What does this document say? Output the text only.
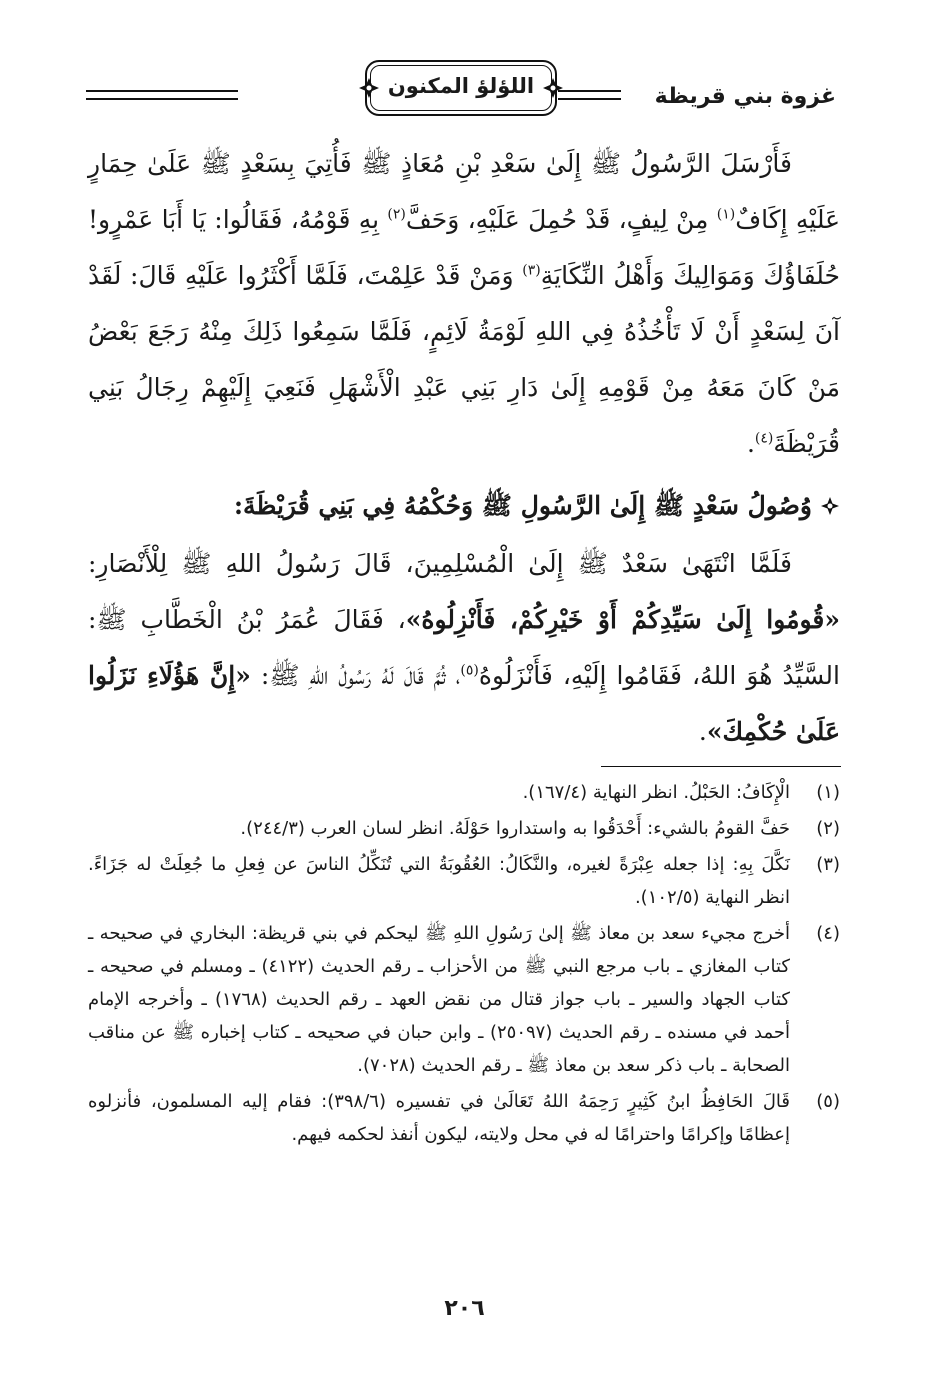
غزوة بني قريظة
اللؤلؤ المكنون

فَأَرْسَلَ الرَّسُولُ ﷺ إِلَىٰ سَعْدِ بْنِ مُعَاذٍ ﷺ فَأُتِيَ بِسَعْدٍ ﷺ عَلَىٰ حِمَارٍ عَلَيْهِ إِكَافٌ$^{(١)}$ مِنْ لِيفٍ، قَدْ حُمِلَ عَلَيْهِ، وَحَفَّ$^{(٢)}$ بِهِ قَوْمُهُ، فَقَالُوا: يَا أَبَا عَمْرٍو! حُلَفَاؤُكَ وَمَوَالِيكَ وَأَهْلُ النِّكَايَةِ$^{(٣)}$ وَمَنْ قَدْ عَلِمْتَ، فَلَمَّا أَكْثَرُوا عَلَيْهِ قَالَ: لَقَدْ آنَ لِسَعْدٍ أَنْ لَا تَأْخُذُهُ فِي اللهِ لَوْمَةُ لَائِمٍ، فَلَمَّا سَمِعُوا ذَلِكَ مِنْهُ رَجَعَ بَعْضُ مَنْ كَانَ مَعَهُ مِنْ قَوْمِهِ إِلَىٰ دَارِ بَنِي عَبْدِ الْأَشْهَلِ فَنَعِيَ إِلَيْهِمْ رِجَالُ بَنِي قُرَيْظَةَ$^{(٤)}$.

وُصُولُ سَعْدٍ ﷺ إِلَىٰ الرَّسُولِ ﷺ وَحُكْمُهُ فِي بَنِي قُرَيْظَةَ:

فَلَمَّا انْتَهَىٰ سَعْدٌ ﷺ إِلَىٰ الْمُسْلِمِينَ، قَالَ رَسُولُ اللهِ ﷺ لِلْأَنْصَارِ: «قُومُوا إِلَىٰ سَيِّدِكُمْ أَوْ خَيْرِكُمْ، فَأَنْزِلُوهُ»، فَقَالَ عُمَرُ بْنُ الْخَطَّابِ ﷺ: السَّيِّدُ هُوَ اللهُ، فَقَامُوا إِلَيْهِ، فَأَنْزَلُوهُ$^{(٥)}$، ثُمَّ قَالَ لَهُ رَسُولُ اللهِ ﷺ: «إِنَّ هَؤُلَاءِ نَزَلُوا عَلَىٰ حُكْمِكَ».

(١)
الْإِكَافُ: الحَبْلُ. انظر النهاية (١٦٧/٤).
(٢)
حَفَّ القومُ بالشيء: أَحْدَقُوا به واستداروا حَوْلَهُ. انظر لسان العرب (٢٤٤/٣).
(٣)
نَكَّلَ بِهِ: إذا جعله عِبْرَةً لغيره، والنَّكَالُ: العُقُوبَةُ التي تُنَكِّلُ الناسَ عن فِعلِ ما جُعِلَتْ له جَزَاءً. انظر النهاية (١٠٢/٥).
(٤)
أخرج مجيء سعد بن معاذ ﷺ إلىٰ رَسُولِ اللهِ ﷺ ليحكم في بني قريظة: البخاري في صحيحه ـ كتاب المغازي ـ باب مرجع النبي ﷺ من الأحزاب ـ رقم الحديث (٤١٢٢) ـ ومسلم في صحيحه ـ كتاب الجهاد والسير ـ باب جواز قتال من نقض العهد ـ رقم الحديث (١٧٦٨) ـ وأخرجه الإمام أحمد في مسنده ـ رقم الحديث (٢٥٠٩٧) ـ وابن حبان في صحيحه ـ كتاب إخباره ﷺ عن مناقب الصحابة ـ باب ذكر سعد بن معاذ ﷺ ـ رقم الحديث (٧٠٢٨).
(٥)
قَالَ الحَافِظُ ابنُ كَثِيرٍ رَحِمَهُ اللهُ تَعَالَىٰ في تفسيره (٣٩٨/٦): فقام إليه المسلمون، فأنزلوه إعظامًا وإكرامًا واحترامًا له في محل ولايته، ليكون أنفذ لحكمه فيهم.
٢٠٦
